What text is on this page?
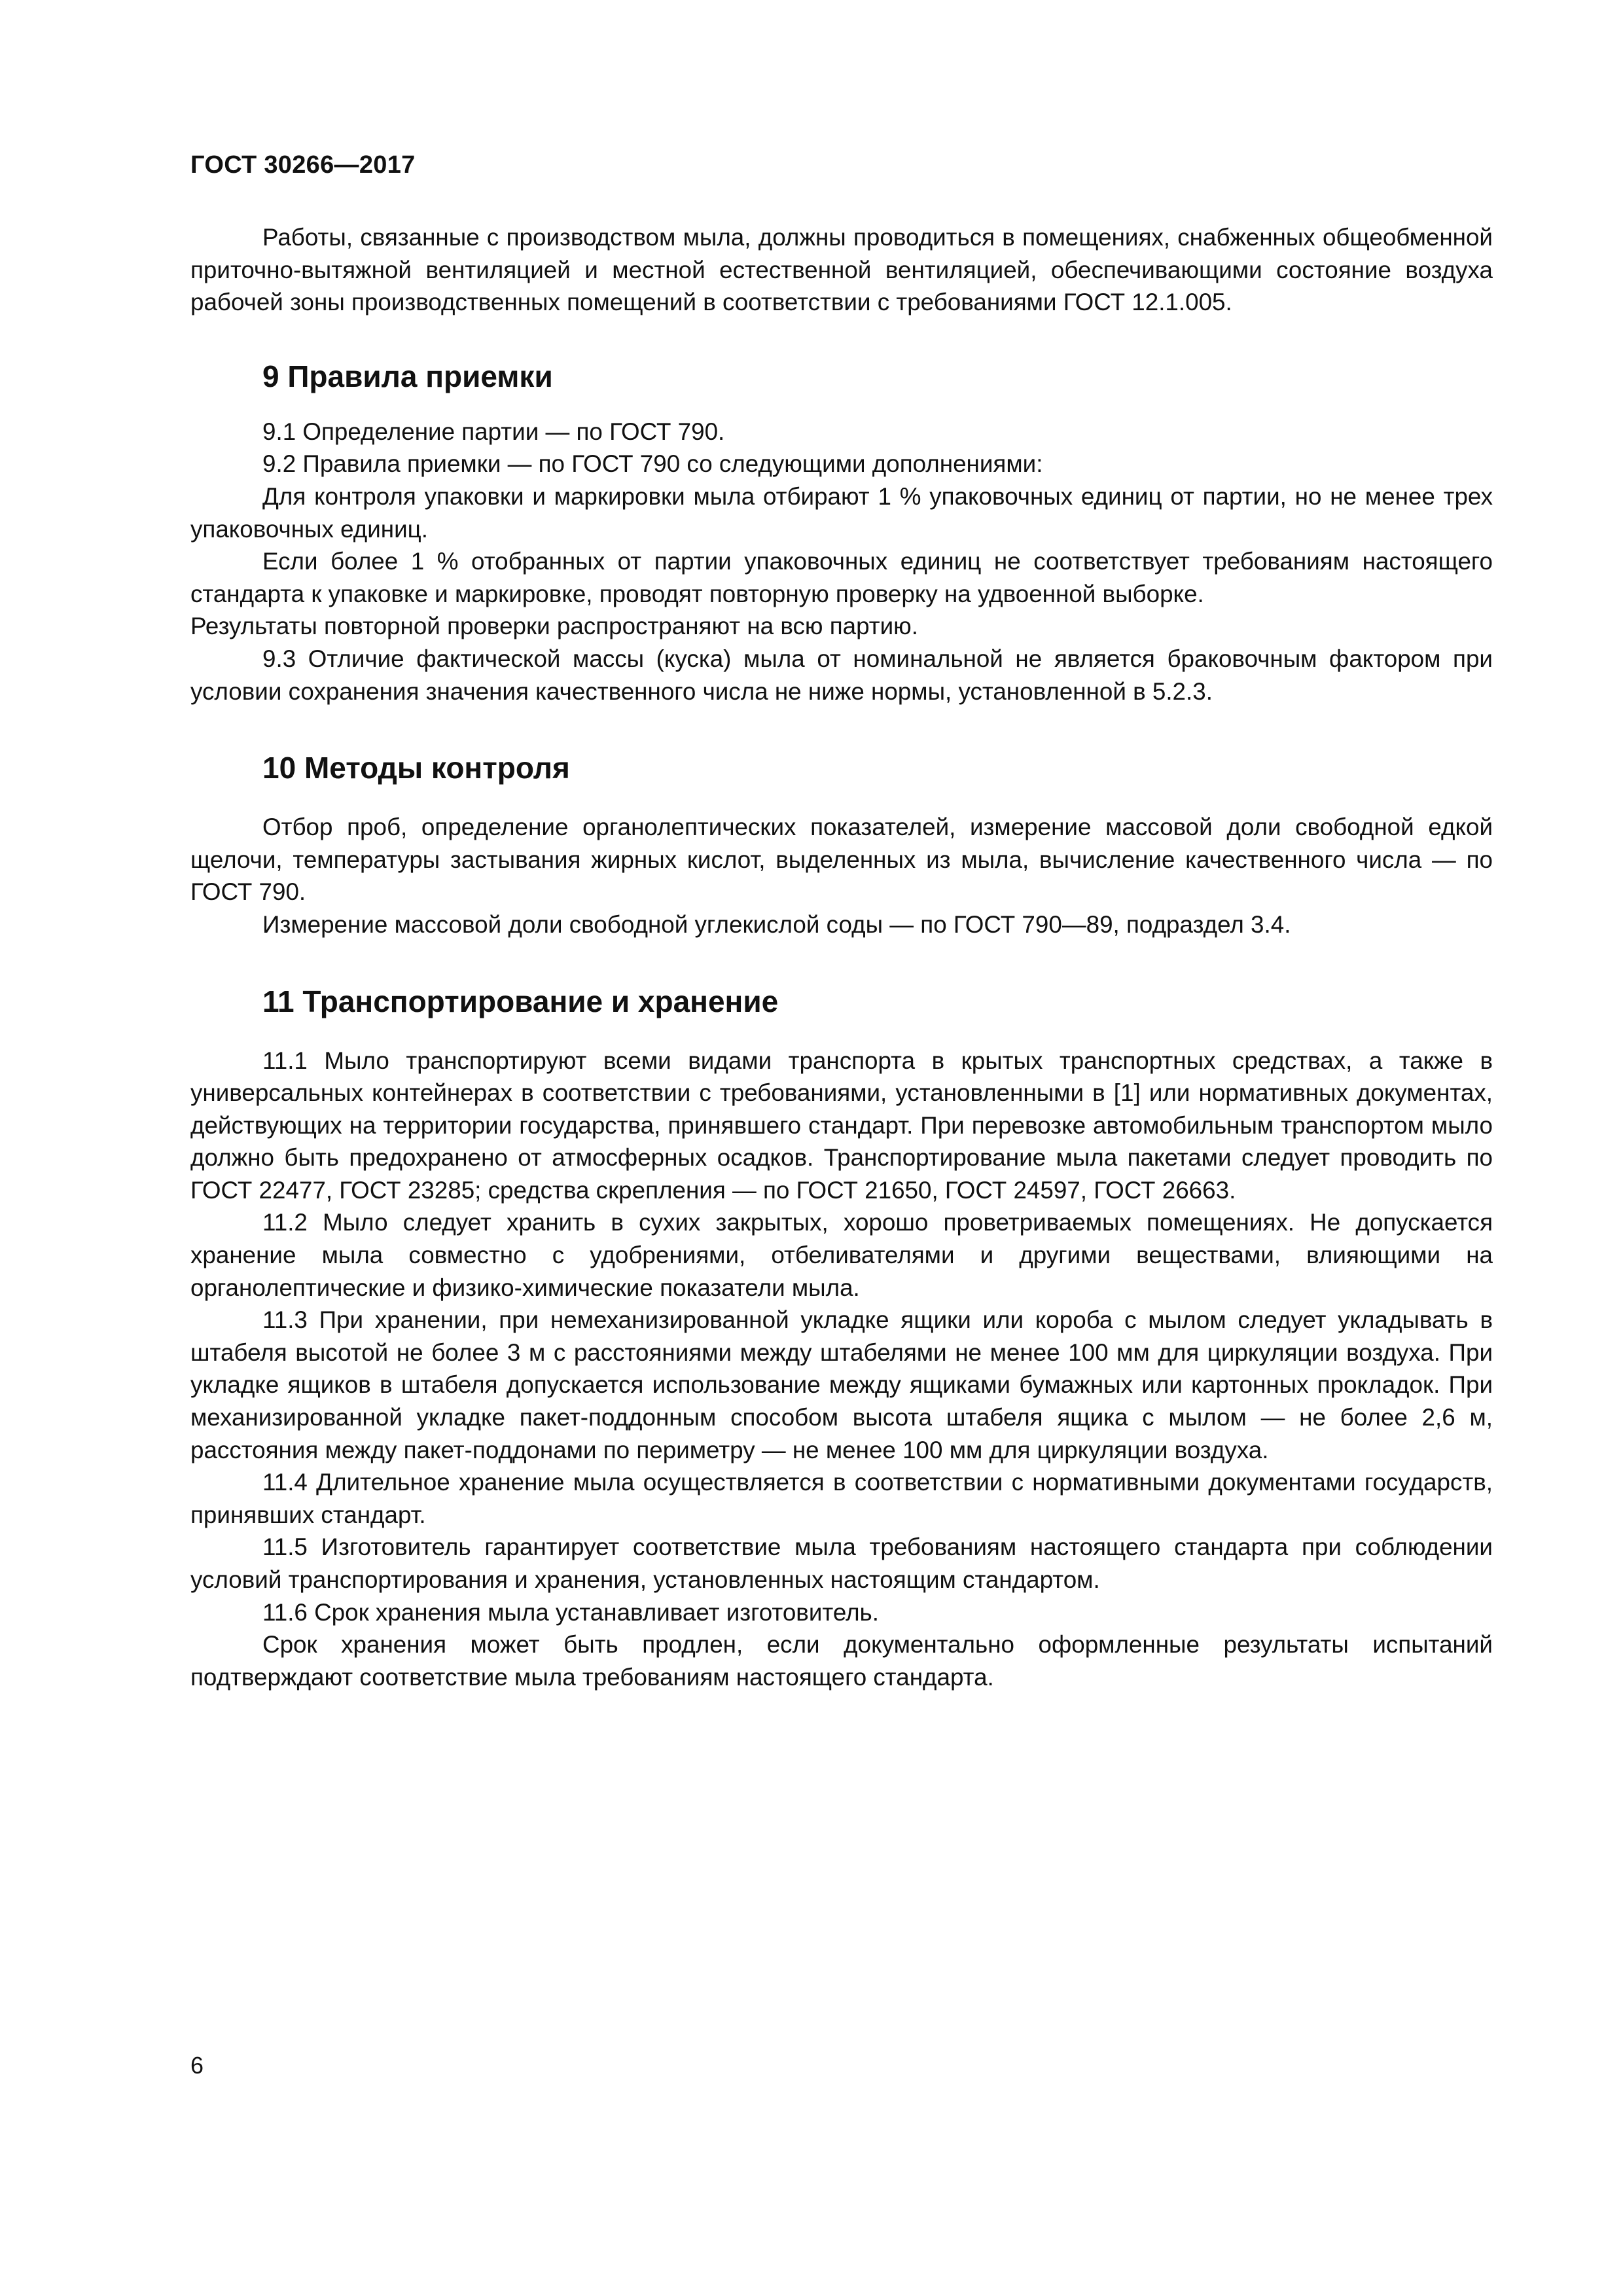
ГОСТ 30266—2017

Работы, связанные с производством мыла, должны проводиться в помещениях, снабженных общеобменной приточно-вытяжной вентиляцией и местной естественной вентиляцией, обеспечивающими состояние воздуха рабочей зоны производственных помещений в соответствии с требованиями ГОСТ 12.1.005.

9 Правила приемки

9.1 Определение партии — по ГОСТ 790.

9.2 Правила приемки — по ГОСТ 790 со следующими дополнениями:

Для контроля упаковки и маркировки мыла отбирают 1 % упаковочных единиц от партии, но не менее трех упаковочных единиц.

Если более 1 % отобранных от партии упаковочных единиц не соответствует требованиям настоящего стандарта к упаковке и маркировке, проводят повторную проверку на удвоенной выборке.

Результаты повторной проверки распространяют на всю партию.

9.3 Отличие фактической массы (куска) мыла от номинальной не является браковочным фактором при условии сохранения значения качественного числа не ниже нормы, установленной в 5.2.3.

10 Методы контроля

Отбор проб, определение органолептических показателей, измерение массовой доли свободной едкой щелочи, температуры застывания жирных кислот, выделенных из мыла, вычисление качественного числа — по ГОСТ 790.

Измерение массовой доли свободной углекислой соды — по ГОСТ 790—89, подраздел 3.4.

11 Транспортирование и хранение

11.1 Мыло транспортируют всеми видами транспорта в крытых транспортных средствах, а также в универсальных контейнерах в соответствии с требованиями, установленными в [1] или нормативных документах, действующих на территории государства, принявшего стандарт. При перевозке автомобильным транспортом мыло должно быть предохранено от атмосферных осадков. Транспортирование мыла пакетами следует проводить по ГОСТ 22477, ГОСТ 23285; средства скрепления — по ГОСТ 21650, ГОСТ 24597, ГОСТ 26663.

11.2 Мыло следует хранить в сухих закрытых, хорошо проветриваемых помещениях. Не допускается хранение мыла совместно с удобрениями, отбеливателями и другими веществами, влияющими на органолептические и физико-химические показатели мыла.

11.3 При хранении, при немеханизированной укладке ящики или короба с мылом следует укладывать в штабеля высотой не более 3 м с расстояниями между штабелями не менее 100 мм для циркуляции воздуха. При укладке ящиков в штабеля допускается использование между ящиками бумажных или картонных прокладок. При механизированной укладке пакет-поддонным способом высота штабеля ящика с мылом — не более 2,6 м, расстояния между пакет-поддонами по периметру — не менее 100 мм для циркуляции воздуха.

11.4 Длительное хранение мыла осуществляется в соответствии с нормативными документами государств, принявших стандарт.

11.5 Изготовитель гарантирует соответствие мыла требованиям настоящего стандарта при соблюдении условий транспортирования и хранения, установленных настоящим стандартом.

11.6 Срок хранения мыла устанавливает изготовитель.

Срок хранения может быть продлен, если документально оформленные результаты испытаний подтверждают соответствие мыла требованиям настоящего стандарта.

6
